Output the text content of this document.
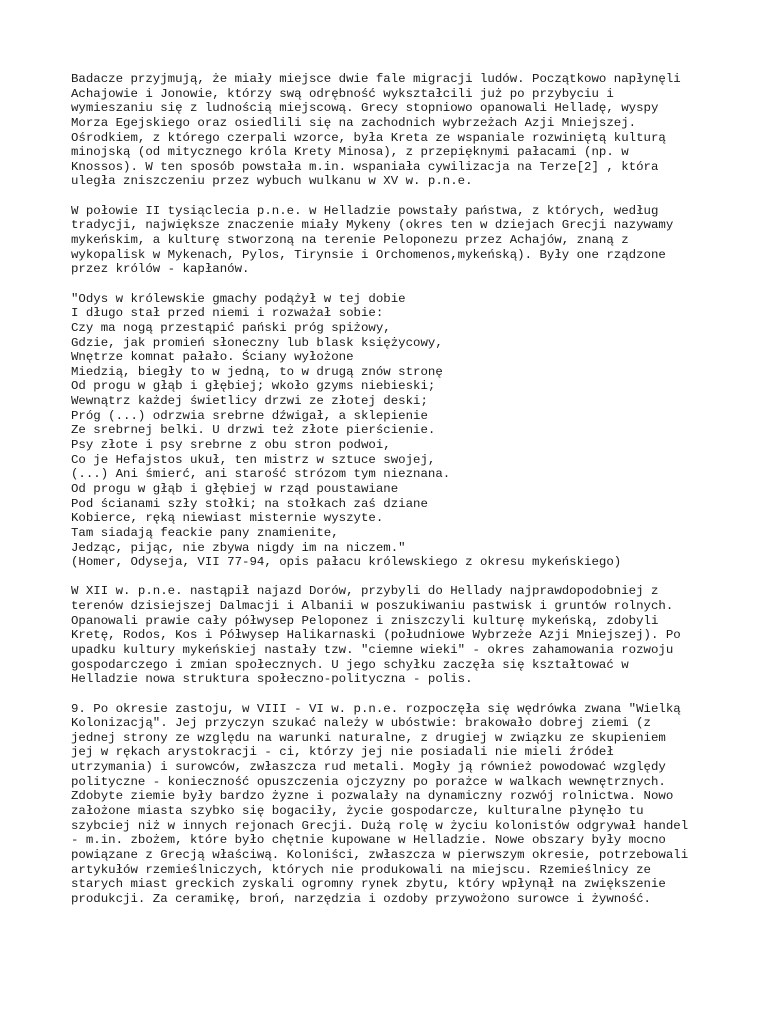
Badacze przyjmują, że miały miejsce dwie fale migracji ludów. Początkowo napłynęli
Achajowie i Jonowie, którzy swą odrębność wykształcili już po przybyciu i
wymieszaniu się z ludnością miejscową. Grecy stopniowo opanowali Helladę, wyspy
Morza Egejskiego oraz osiedlili się na zachodnich wybrzeżach Azji Mniejszej.
Ośrodkiem, z którego czerpali wzorce, była Kreta ze wspaniale rozwiniętą kulturą
minojską (od mitycznego króla Krety Minosa), z przepięknymi pałacami (np. w
Knossos). W ten sposób powstała m.in. wspaniała cywilizacja na Terze[2] , która
uległa zniszczeniu przez wybuch wulkanu w XV w. p.n.e.
W połowie II tysiąclecia p.n.e. w Helladzie powstały państwa, z których, według
tradycji, największe znaczenie miały Mykeny (okres ten w dziejach Grecji nazywamy
mykeńskim, a kulturę stworzoną na terenie Peloponezu przez Achajów, znaną z
wykopalisk w Mykenach, Pylos, Tirynsie i Orchomenos,mykeńską). Były one rządzone
przez królów - kapłanów.
"Odys w królewskie gmachy podążył w tej dobie
I długo stał przed niemi i rozważał sobie:
Czy ma nogą przestąpić pański próg spiżowy,
Gdzie, jak promień słoneczny lub blask księżycowy,
Wnętrze komnat pałało. Ściany wyłożone
Miedzią, biegły to w jedną, to w drugą znów stronę
Od progu w głąb i głębiej; wkoło gzyms niebieski;
Wewnątrz każdej świetlicy drzwi ze złotej deski;
Próg (...) odrzwia srebrne dźwigał, a sklepienie
Ze srebrnej belki. U drzwi też złote pierścienie.
Psy złote i psy srebrne z obu stron podwoi,
Co je Hefajstos ukuł, ten mistrz w sztuce swojej,
(...) Ani śmierć, ani starość strózom tym nieznana.
Od progu w głąb i głębiej w rząd poustawiane
Pod ścianami szły stołki; na stołkach zaś dziane
Kobierce, ręką niewiast misternie wyszyte.
Tam siadają feackie pany znamienite,
Jedząc, pijąc, nie zbywa nigdy im na niczem."
(Homer, Odyseja, VII 77-94, opis pałacu królewskiego z okresu mykeńskiego)
W XII w. p.n.e. nastąpił najazd Dorów, przybyli do Hellady najprawdopodobniej z
terenów dzisiejszej Dalmacji i Albanii w poszukiwaniu pastwisk i gruntów rolnych.
Opanowali prawie cały półwysep Peloponez i zniszczyli kulturę mykeńską, zdobyli
Kretę, Rodos, Kos i Półwysep Halikarnaski (południowe Wybrzeże Azji Mniejszej). Po
upadku kultury mykeńskiej nastały tzw. "ciemne wieki" - okres zahamowania rozwoju
gospodarczego i zmian społecznych. U jego schyłku zaczęła się kształtować w
Helladzie nowa struktura społeczno-polityczna - polis.
9. Po okresie zastoju, w VIII - VI w. p.n.e. rozpoczęła się wędrówka zwana "Wielką
Kolonizacją". Jej przyczyn szukać należy w ubóstwie: brakowało dobrej ziemi (z
jednej strony ze względu na warunki naturalne, z drugiej w związku ze skupieniem
jej w rękach arystokracji - ci, którzy jej nie posiadali nie mieli źródeł
utrzymania) i surowców, zwłaszcza rud metali. Mogły ją również powodować względy
polityczne - konieczność opuszczenia ojczyzny po porażce w walkach wewnętrznych.
Zdobyte ziemie były bardzo żyzne i pozwalały na dynamiczny rozwój rolnictwa. Nowo
założone miasta szybko się bogaciły, życie gospodarcze, kulturalne płynęło tu
szybciej niż w innych rejonach Grecji. Dużą rolę w życiu kolonistów odgrywał handel
- m.in. zbożem, które było chętnie kupowane w Helladzie. Nowe obszary były mocno
powiązane z Grecją właściwą. Koloniści, zwłaszcza w pierwszym okresie, potrzebowali
artykułów rzemieślniczych, których nie produkowali na miejscu. Rzemieślnicy ze
starych miast greckich zyskali ogromny rynek zbytu, który wpłynął na zwiększenie
produkcji. Za ceramikę, broń, narzędzia i ozdoby przywożono surowce i żywność.
